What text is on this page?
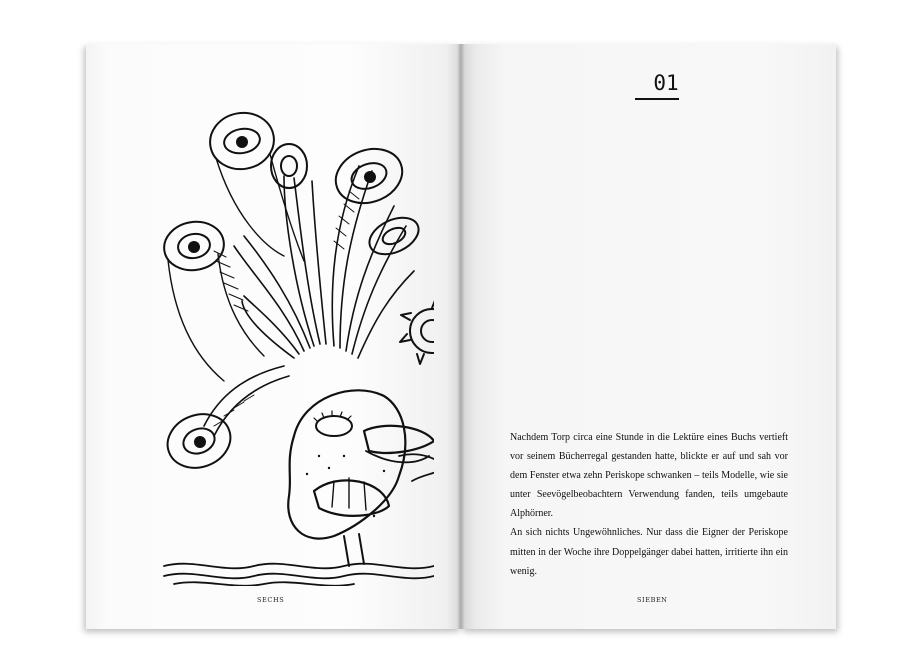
SECHS
01

Nachdem Torp circa eine Stunde in die Lektüre eines Buchs vertieft vor seinem Bücherregal gestanden hatte, blickte er auf und sah vor dem Fenster etwa zehn Periskope schwanken – teils Modelle, wie sie unter Seevögelbeobachtern Verwendung fanden, teils umgebaute Alphörner.

An sich nichts Ungewöhnliches. Nur dass die Eigner der Periskope mitten in der Woche ihre Doppelgänger dabei hatten, irritierte ihn ein wenig.

SIEBEN
